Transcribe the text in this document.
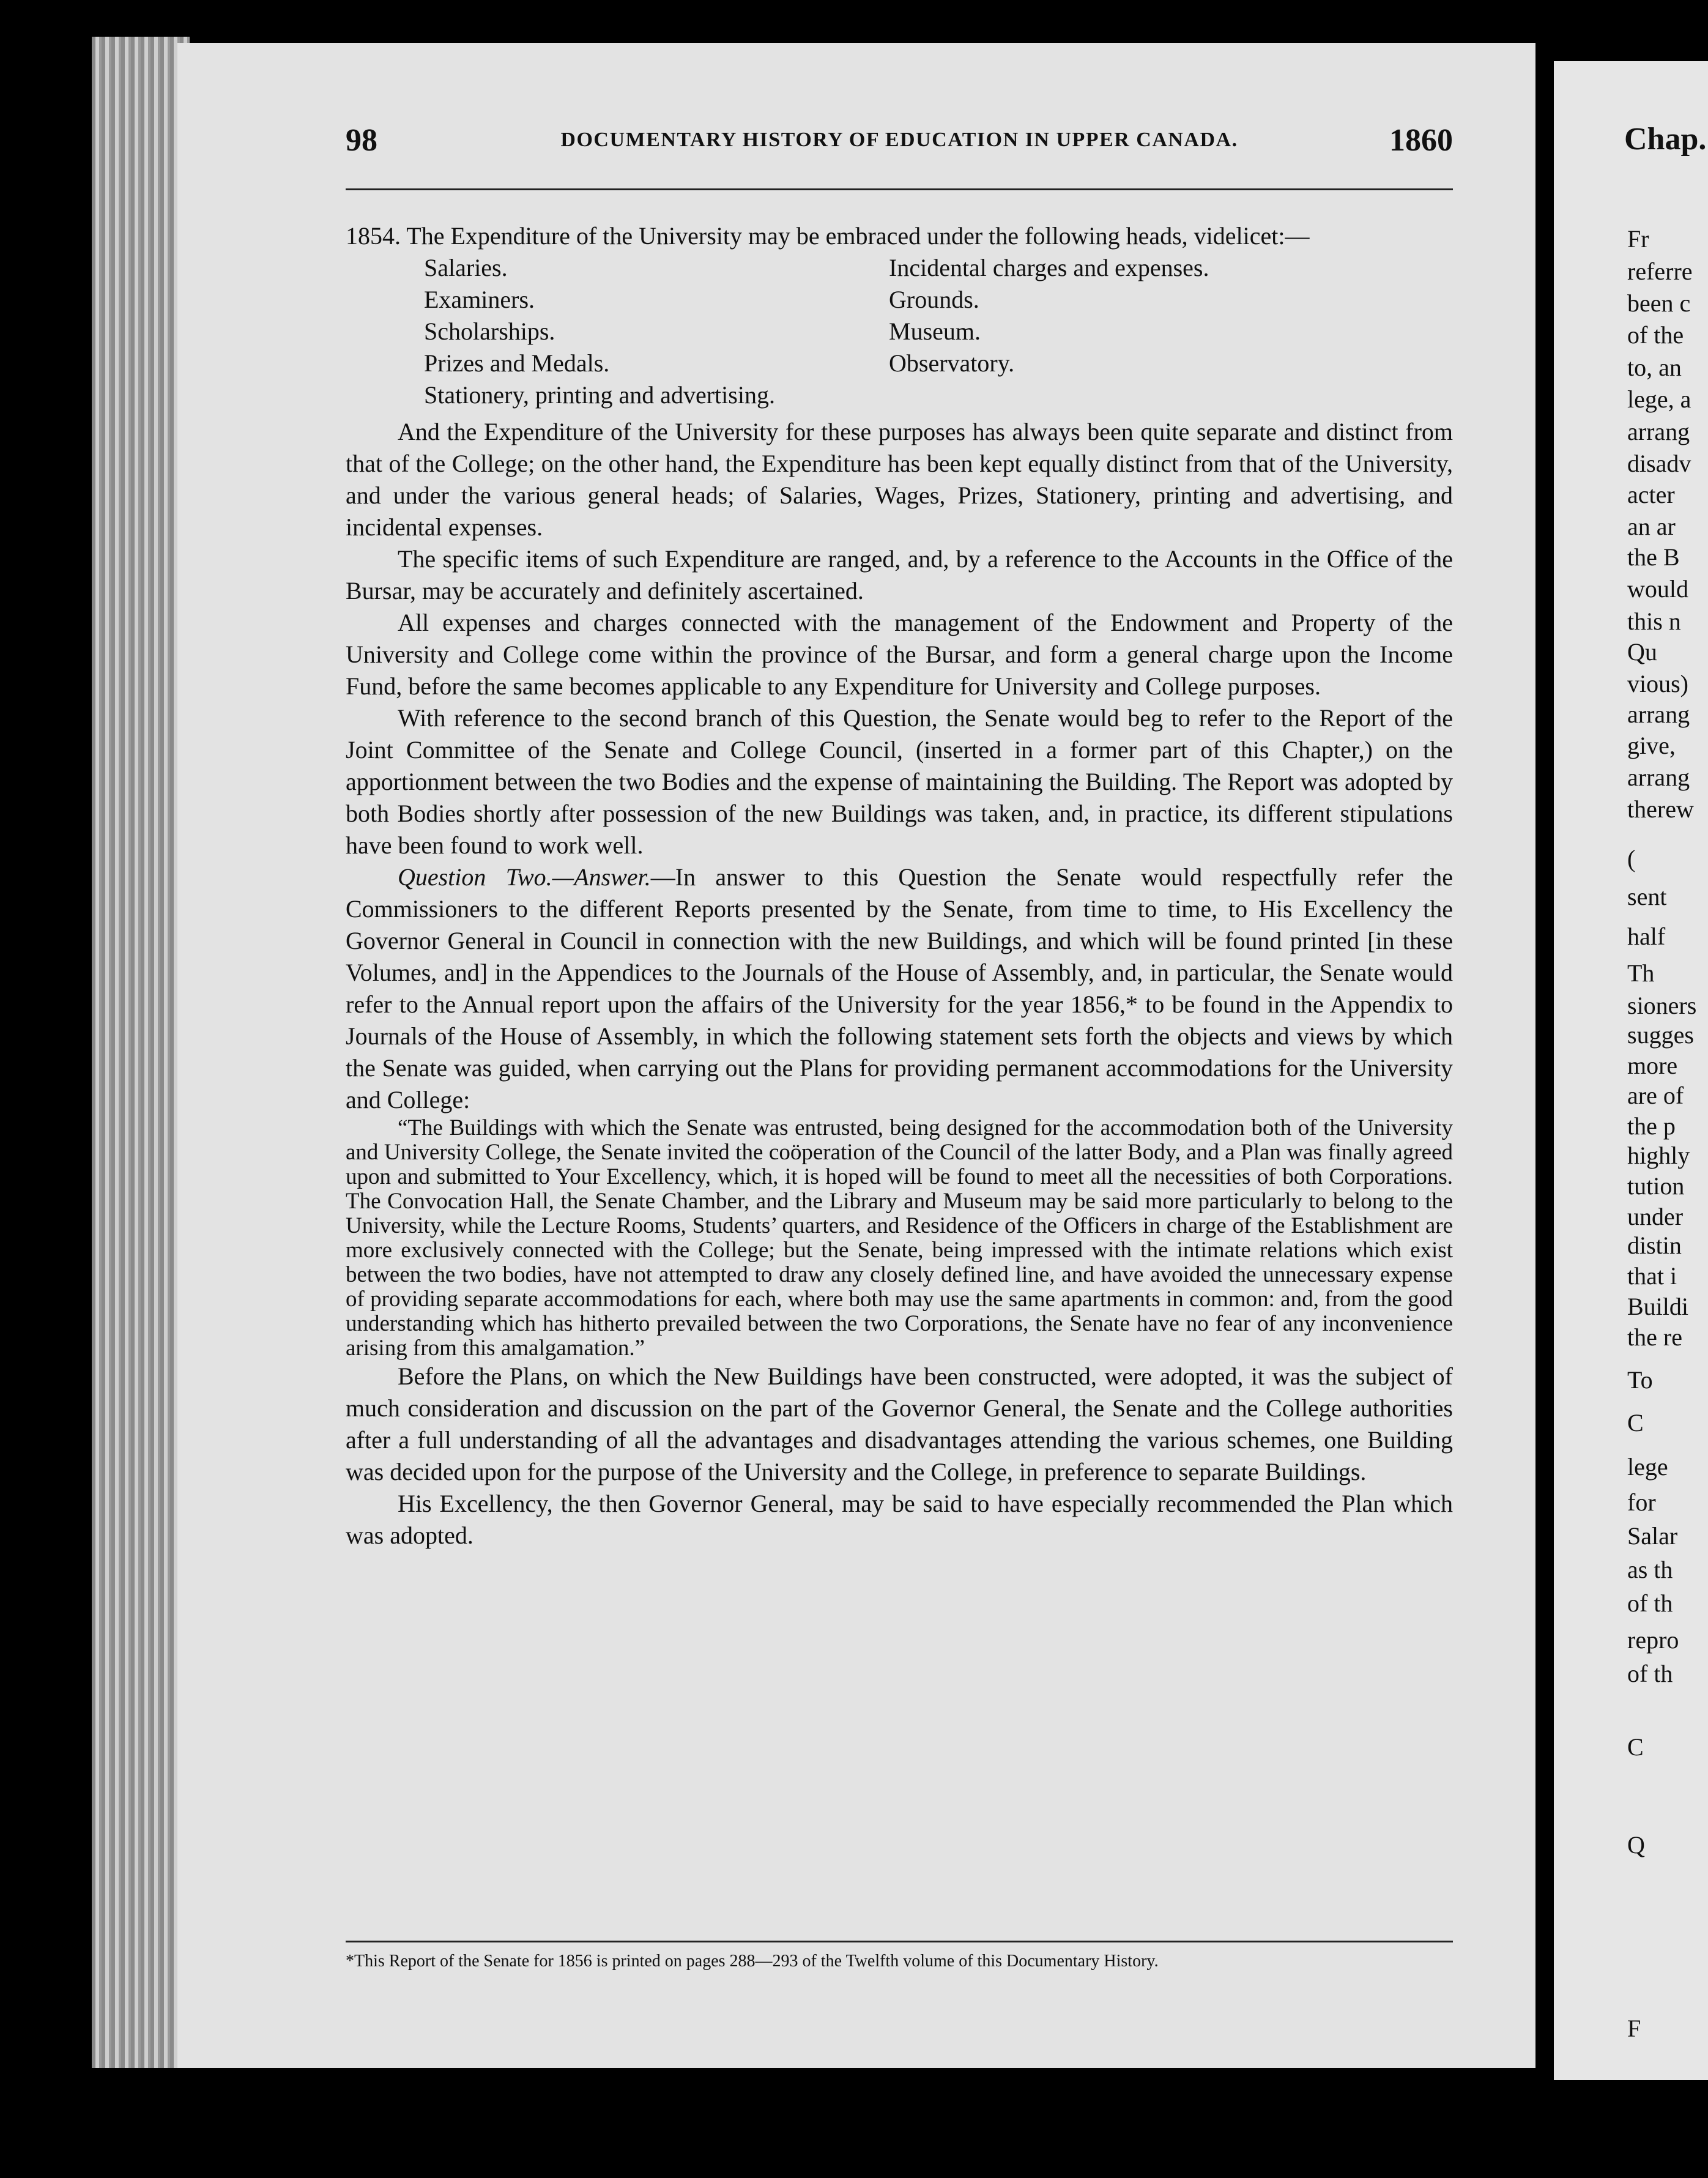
98	DOCUMENTARY HISTORY OF EDUCATION IN UPPER CANADA.	1860

1854. The Expenditure of the University may be embraced under the following heads, videlicet:—

Salaries.	Incidental charges and expenses.
Examiners.	Grounds.
Scholarships.	Museum.
Prizes and Medals.	Observatory.
Stationery, printing and advertising.

And the Expenditure of the University for these purposes has always been quite separate and distinct from that of the College; on the other hand, the Expenditure has been kept equally distinct from that of the University, and under the various general heads; of Salaries, Wages, Prizes, Stationery, printing and advertising, and incidental expenses.

The specific items of such Expenditure are ranged, and, by a reference to the Accounts in the Office of the Bursar, may be accurately and definitely ascertained.

All expenses and charges connected with the management of the Endowment and Property of the University and College come within the province of the Bursar, and form a general charge upon the Income Fund, before the same becomes applicable to any Expenditure for University and College purposes.

With reference to the second branch of this Question, the Senate would beg to refer to the Report of the Joint Committee of the Senate and College Council, (inserted in a former part of this Chapter,) on the apportionment between the two Bodies and the expense of maintaining the Building. The Report was adopted by both Bodies shortly after possession of the new Buildings was taken, and, in practice, its different stipulations have been found to work well.

Question Two.—Answer.—In answer to this Question the Senate would respectfully refer the Commissioners to the different Reports presented by the Senate, from time to time, to His Excellency the Governor General in Council in connection with the new Buildings, and which will be found printed [in these Volumes, and] in the Appendices to the Journals of the House of Assembly, and, in particular, the Senate would refer to the Annual report upon the affairs of the University for the year 1856,* to be found in the Appendix to Journals of the House of Assembly, in which the following statement sets forth the objects and views by which the Senate was guided, when carrying out the Plans for providing permanent accommodations for the University and College:

“The Buildings with which the Senate was entrusted, being designed for the accommodation both of the University and University College, the Senate invited the coöperation of the Council of the latter Body, and a Plan was finally agreed upon and submitted to Your Excellency, which, it is hoped will be found to meet all the necessities of both Corporations. The Convocation Hall, the Senate Chamber, and the Library and Museum may be said more particularly to belong to the University, while the Lecture Rooms, Students’ quarters, and Residence of the Officers in charge of the Establishment are more exclusively connected with the College; but the Senate, being impressed with the intimate relations which exist between the two bodies, have not attempted to draw any closely defined line, and have avoided the unnecessary expense of providing separate accommodations for each, where both may use the same apartments in common: and, from the good understanding which has hitherto prevailed between the two Corporations, the Senate have no fear of any inconvenience arising from this amalgamation.”

Before the Plans, on which the New Buildings have been constructed, were adopted, it was the subject of much consideration and discussion on the part of the Governor General, the Senate and the College authorities after a full understanding of all the advantages and disadvantages attending the various schemes, one Building was decided upon for the purpose of the University and the College, in preference to separate Buildings.

His Excellency, the then Governor General, may be said to have especially recommended the Plan which was adopted.

*This Report of the Senate for 1856 is printed on pages 288—293 of the Twelfth volume of this Documentary History.
Chap.
Fr
referre
been c
of the
to, an
lege, a
arrang
disadv
acter
an ar
the B
would
this n
Qu
vious)
arrang
give,
arrang
therew
(
sent
half
Th
sioners
sugges
more
are of
the p
highly
tution
under
distin
that i
Buildi
the re
To
C
lege
for
Salar
as th
of th
repro
of th
C
Q
F
